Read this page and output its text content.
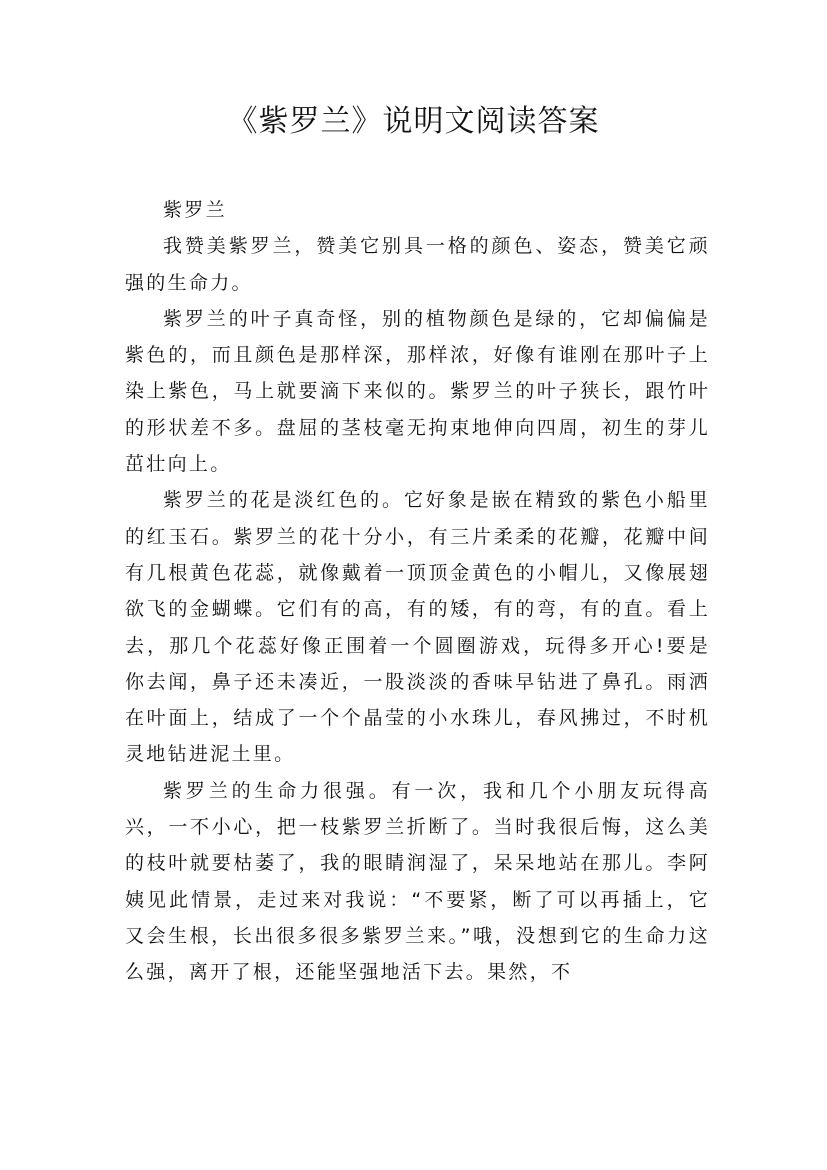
《紫罗兰》说明文阅读答案

紫罗兰

我赞美紫罗兰，赞美它别具一格的颜色、姿态，赞美它顽强的生命力。

紫罗兰的叶子真奇怪，别的植物颜色是绿的，它却偏偏是紫色的，而且颜色是那样深，那样浓，好像有谁刚在那叶子上染上紫色，马上就要滴下来似的。紫罗兰的叶子狭长，跟竹叶的形状差不多。盘屈的茎枝毫无拘束地伸向四周，初生的芽儿茁壮向上。

紫罗兰的花是淡红色的。它好象是嵌在精致的紫色小船里的红玉石。紫罗兰的花十分小，有三片柔柔的花瓣，花瓣中间有几根黄色花蕊，就像戴着一顶顶金黄色的小帽儿，又像展翅欲飞的金蝴蝶。它们有的高，有的矮，有的弯，有的直。看上去，那几个花蕊好像正围着一个圆圈游戏，玩得多开心!要是你去闻，鼻子还未凑近，一股淡淡的香味早钻进了鼻孔。雨洒在叶面上，结成了一个个晶莹的小水珠儿，春风拂过，不时机灵地钻进泥土里。

紫罗兰的生命力很强。有一次，我和几个小朋友玩得高兴，一不小心，把一枝紫罗兰折断了。当时我很后悔，这么美的枝叶就要枯萎了，我的眼睛润湿了，呆呆地站在那儿。李阿姨见此情景，走过来对我说：“不要紧，断了可以再插上，它又会生根，长出很多很多紫罗兰来。”哦，没想到它的生命力这么强，离开了根，还能坚强地活下去。果然，不
